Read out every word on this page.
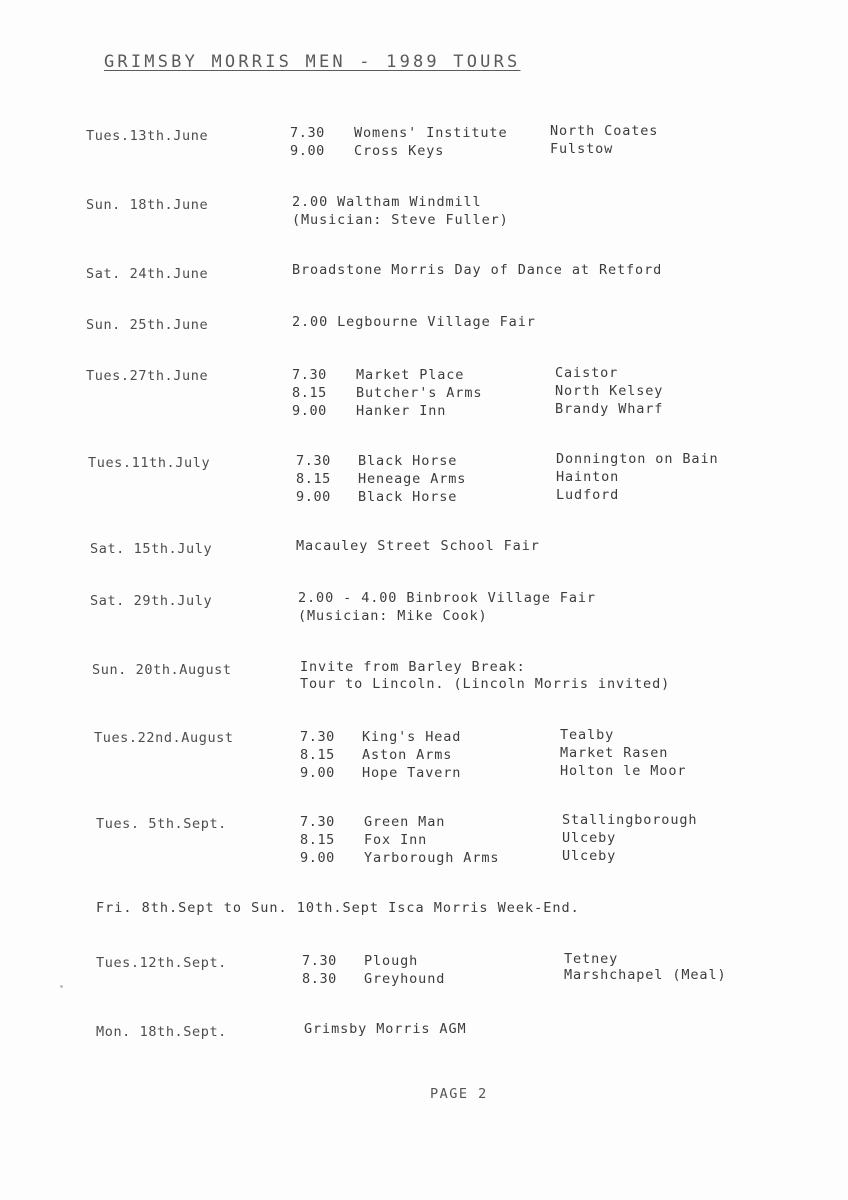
GRIMSBY MORRIS MEN - 1989 TOURS
Tues.13th.June	7.30 Womens' Institute	North Coates
9.00 Cross Keys	Fulstow
Sun. 18th.June	2.00 Waltham Windmill
(Musician: Steve Fuller)
Sat. 24th.June	Broadstone Morris Day of Dance at Retford
Sun. 25th.June	2.00 Legbourne Village Fair
Tues.27th.June	7.30 Market Place	Caistor
8.15 Butcher's Arms	North Kelsey
9.00 Hanker Inn	Brandy Wharf
Tues.11th.July	7.30 Black Horse	Donnington on Bain
8.15 Heneage Arms	Hainton
9.00 Black Horse	Ludford
Sat. 15th.July	Macauley Street School Fair
Sat. 29th.July	2.00 - 4.00 Binbrook Village Fair
(Musician: Mike Cook)
Sun. 20th.August	Invite from Barley Break:
Tour to Lincoln. (Lincoln Morris invited)
Tues.22nd.August	7.30 King's Head	Tealby
8.15 Aston Arms	Market Rasen
9.00 Hope Tavern	Holton le Moor
Tues. 5th.Sept.	7.30 Green Man	Stallingborough
8.15 Fox Inn	Ulceby
9.00 Yarborough Arms	Ulceby
Fri. 8th.Sept to Sun. 10th.Sept Isca Morris Week-End.
Tues.12th.Sept.	7.30 Plough	Tetney
8.30 Greyhound	Marshchapel (Meal)
Mon. 18th.Sept.	Grimsby Morris AGM
PAGE 2
